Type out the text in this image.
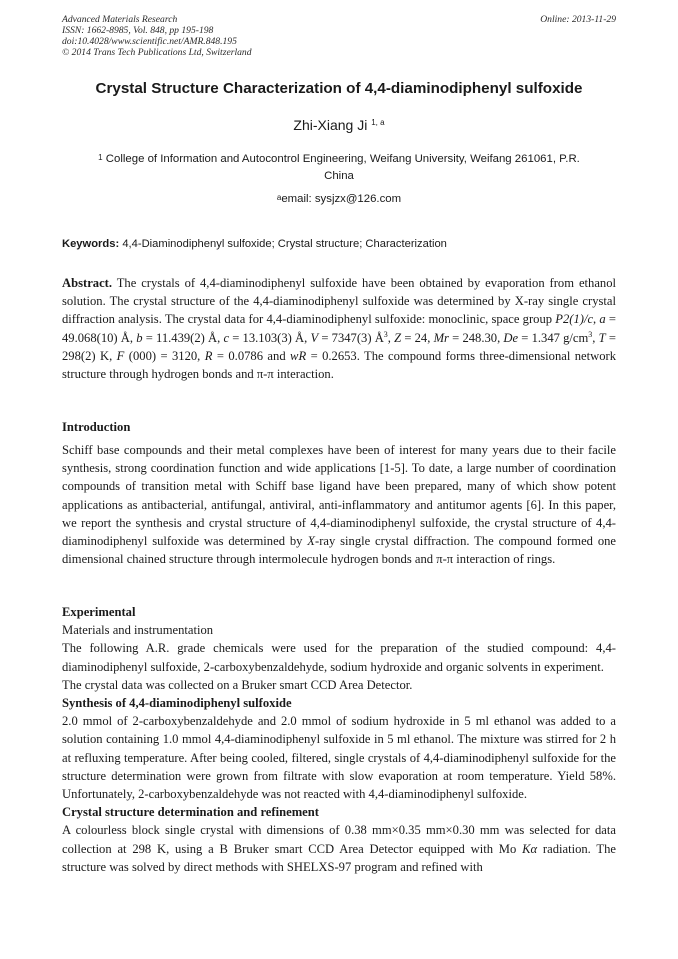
Advanced Materials Research
ISSN: 1662-8985, Vol. 848, pp 195-198
doi:10.4028/www.scientific.net/AMR.848.195
© 2014 Trans Tech Publications Ltd, Switzerland
Online: 2013-11-29
Crystal Structure Characterization of 4,4-diaminodiphenyl sulfoxide
Zhi-Xiang Ji $^{1, a}$
$^1$ College of Information and Autocontrol Engineering, Weifang University, Weifang 261061, P.R.
China
$^a$email: sysjzx@126.com
Keywords: 4,4-Diaminodiphenyl sulfoxide; Crystal structure; Characterization

Abstract. The crystals of 4,4-diaminodiphenyl sulfoxide have been obtained by evaporation from ethanol solution. The crystal structure of the 4,4-diaminodiphenyl sulfoxide was determined by X-ray single crystal diffraction analysis. The crystal data for 4,4-diaminodiphenyl sulfoxide: monoclinic, space group P2(1)/c, a = 49.068(10) Å, b = 11.439(2) Å, c = 13.103(3) Å, V = 7347(3) $Å^3$, Z = 24, Mr = 248.30, De = 1.347 $g/cm^3$, T = 298(2) K, F (000) = 3120, R = 0.0786 and wR = 0.2653. The compound forms three-dimensional network structure through hydrogen bonds and π-π interaction.

Introduction

Schiff base compounds and their metal complexes have been of interest for many years due to their facile synthesis, strong coordination function and wide applications [1-5]. To date, a large number of coordination compounds of transition metal with Schiff base ligand have been prepared, many of which show potent applications as antibacterial, antifungal, antiviral, anti-inflammatory and antitumor agents [6]. In this paper, we report the synthesis and crystal structure of 4,4-diaminodiphenyl sulfoxide, the crystal structure of 4,4-diaminodiphenyl sulfoxide was determined by X-ray single crystal diffraction. The compound formed one dimensional chained structure through intermolecule hydrogen bonds and π-π interaction of rings.

Experimental

Materials and instrumentation

The following A.R. grade chemicals were used for the preparation of the studied compound: 4,4-diaminodiphenyl sulfoxide, 2-carboxybenzaldehyde, sodium hydroxide and organic solvents in experiment.

The crystal data was collected on a Bruker smart CCD Area Detector.

Synthesis of 4,4-diaminodiphenyl sulfoxide

2.0 mmol of 2-carboxybenzaldehyde and 2.0 mmol of sodium hydroxide in 5 ml ethanol was added to a solution containing 1.0 mmol 4,4-diaminodiphenyl sulfoxide in 5 ml ethanol. The mixture was stirred for 2 h at refluxing temperature. After being cooled, filtered, single crystals of 4,4-diaminodiphenyl sulfoxide for the structure determination were grown from filtrate with slow evaporation at room temperature. Yield 58%. Unfortunately, 2-carboxybenzaldehyde was not reacted with 4,4-diaminodiphenyl sulfoxide.

Crystal structure determination and refinement

A colourless block single crystal with dimensions of 0.38 mm×0.35 mm×0.30 mm was selected for data collection at 298 K, using a B Bruker smart CCD Area Detector equipped with Mo Kα radiation. The structure was solved by direct methods with SHELXS-97 program and refined with
